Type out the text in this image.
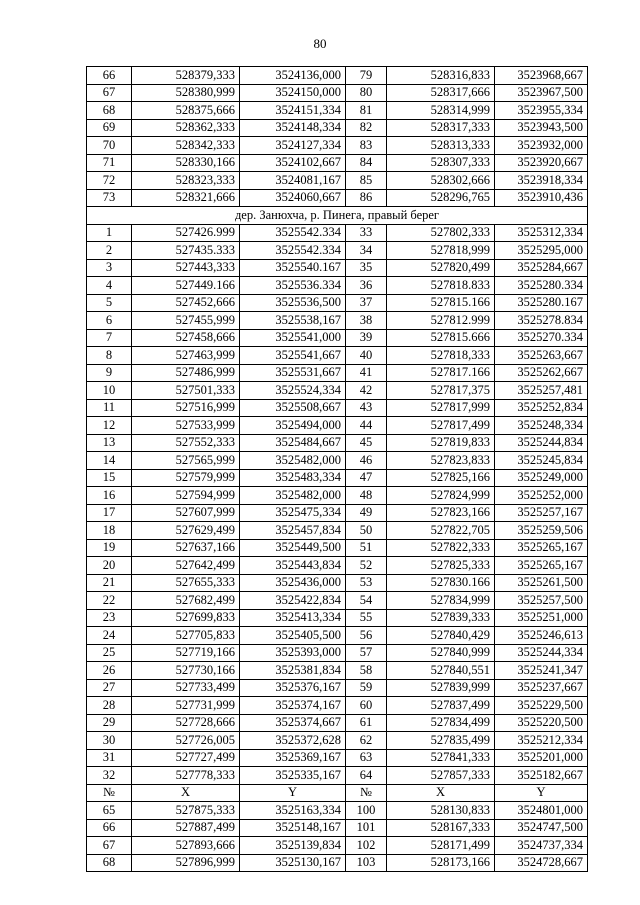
80
66	528379,333	3524136,000	79	528316,833	3523968,667
67	528380,999	3524150,000	80	528317,666	3523967,500
68	528375,666	3524151,334	81	528314,999	3523955,334
69	528362,333	3524148,334	82	528317,333	3523943,500
70	528342,333	3524127,334	83	528313,333	3523932,000
71	528330,166	3524102,667	84	528307,333	3523920,667
72	528323,333	3524081,167	85	528302,666	3523918,334
73	528321,666	3524060,667	86	528296,765	3523910,436
дер. Занюхча, р. Пинега, правый берег					
1	527426.999	3525542.334	33	527802,333	3525312,334
2	527435.333	3525542.334	34	527818,999	3525295,000
3	527443,333	3525540.167	35	527820,499	3525284,667
4	527449.166	3525536.334	36	527818.833	3525280.334
5	527452,666	3525536,500	37	527815.166	3525280.167
6	527455,999	3525538,167	38	527812.999	3525278.834
7	527458,666	3525541,000	39	527815.666	3525270.334
8	527463,999	3525541,667	40	527818,333	3525263,667
9	527486,999	3525531,667	41	527817.166	3525262,667
10	527501,333	3525524,334	42	527817,375	3525257,481
11	527516,999	3525508,667	43	527817,999	3525252,834
12	527533,999	3525494,000	44	527817,499	3525248,334
13	527552,333	3525484,667	45	527819,833	3525244,834
14	527565,999	3525482,000	46	527823,833	3525245,834
15	527579,999	3525483,334	47	527825,166	3525249,000
16	527594,999	3525482,000	48	527824,999	3525252,000
17	527607,999	3525475,334	49	527823,166	3525257,167
18	527629,499	3525457,834	50	527822,705	3525259,506
19	527637,166	3525449,500	51	527822,333	3525265,167
20	527642,499	3525443,834	52	527825,333	3525265,167
21	527655,333	3525436,000	53	527830.166	3525261,500
22	527682,499	3525422,834	54	527834,999	3525257,500
23	527699,833	3525413,334	55	527839,333	3525251,000
24	527705,833	3525405,500	56	527840,429	3525246,613
25	527719,166	3525393,000	57	527840,999	3525244,334
26	527730,166	3525381,834	58	527840,551	3525241,347
27	527733,499	3525376,167	59	527839,999	3525237,667
28	527731,999	3525374,167	60	527837,499	3525229,500
29	527728,666	3525374,667	61	527834,499	3525220,500
30	527726,005	3525372,628	62	527835,499	3525212,334
31	527727,499	3525369,167	63	527841,333	3525201,000
32	527778,333	3525335,167	64	527857,333	3525182,667
№	X	Y	№	X	Y
65	527875,333	3525163,334	100	528130,833	3524801,000
66	527887,499	3525148,167	101	528167,333	3524747,500
67	527893,666	3525139,834	102	528171,499	3524737,334
68	527896,999	3525130,167	103	528173,166	3524728,667
